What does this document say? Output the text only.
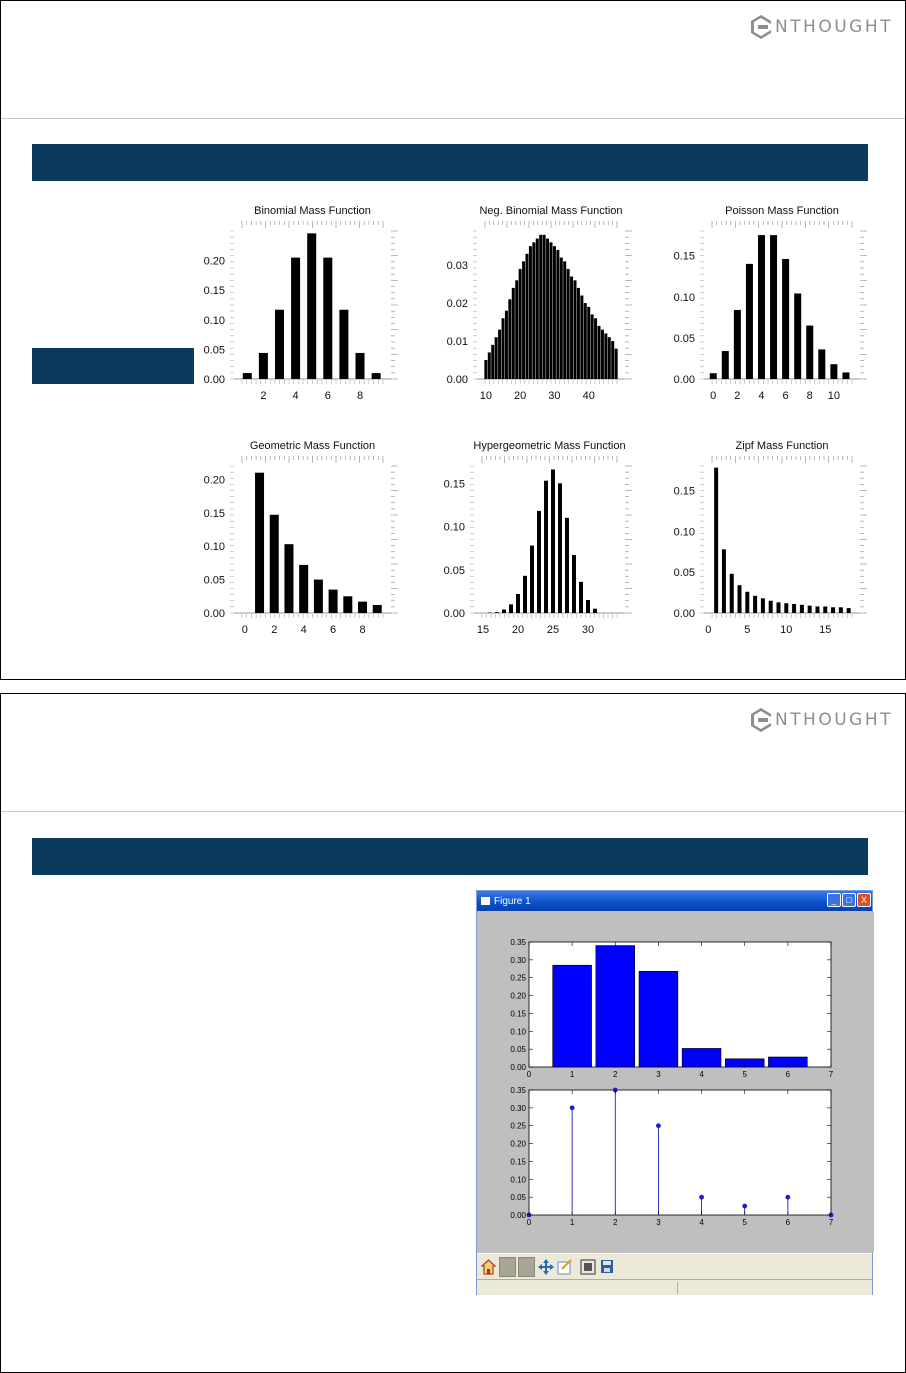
NTHOUGHT
Binomial Mass Function
0.00
0.05
0.10
0.15
0.20
2 4 6 8
Neg. Binomial Mass Function
0.00
0.01
0.02
0.03
10 20 30 40
Poisson Mass Function
0.00
0.05
0.10
0.15
0 2 4 6 8 10
Geometric Mass Function
0.00
0.05
0.10
0.15
0.20
0 2 4 6 8
Hypergeometric Mass Function
0.00
0.05
0.10
0.15
15 20 25 30
Zipf Mass Function
0.00
0.05
0.10
0.15
0	5	10 15
NTHOUGHT
Figure 1	_	□	X
0.00
0.05
0.10
0.15
0.20
0.25
0.30
0.35
0	1	2	3	4	5	6	7
0.00
0.05
0.10
0.15
0.20
0.25
0.30
0.35
0	1	2	3	4	5	6	7
